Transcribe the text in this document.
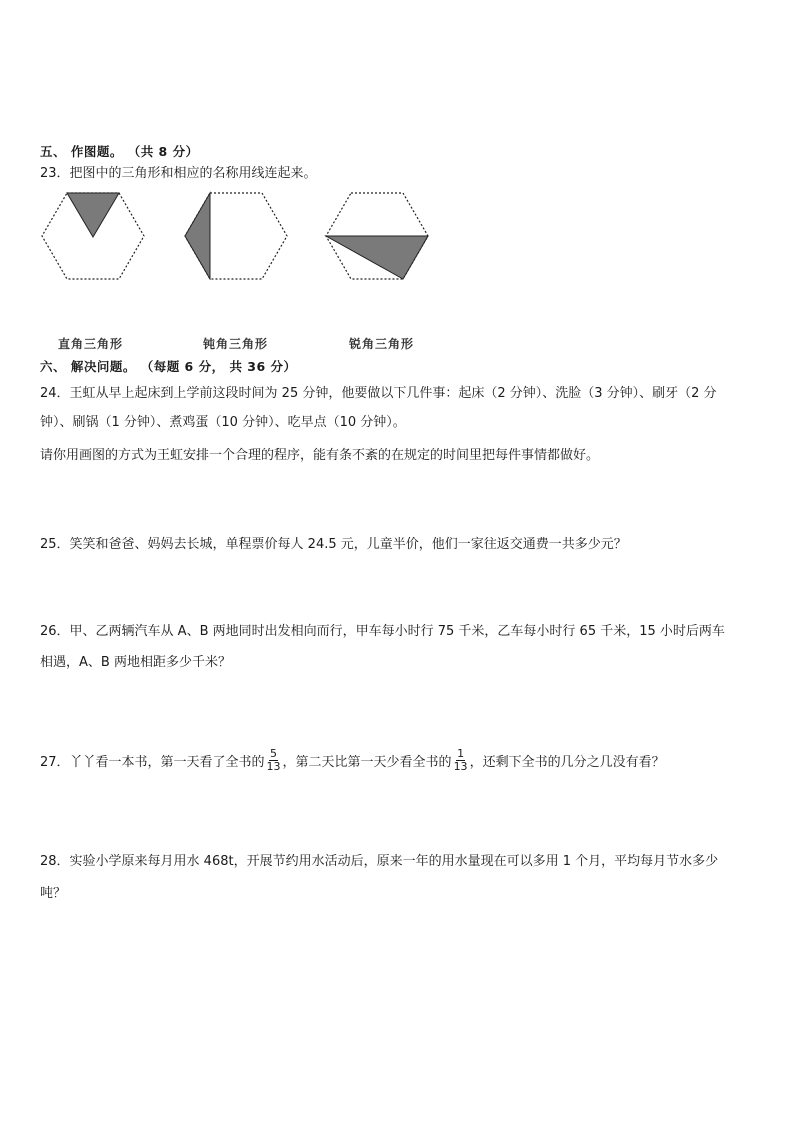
五、 作图题。 （共 8 分）
23．把图中的三角形和相应的名称用线连起来。
直角三角形	钝角三角形	锐角三角形
六、 解决问题。 （每题 6 分， 共 36 分）
24．王虹从早上起床到上学前这段时间为 25 分钟，他要做以下几件事：起床（2 分钟）、洗脸（3 分钟）、刷牙（2 分
钟）、刷锅（1 分钟）、煮鸡蛋（10 分钟）、吃早点（10 分钟）。
请你用画图的方式为王虹安排一个合理的程序，能有条不紊的在规定的时间里把每件事情都做好。
25．笑笑和爸爸、妈妈去长城，单程票价每人 24.5 元，儿童半价，他们一家往返交通费一共多少元？
26．甲、乙两辆汽车从 A、B 两地同时出发相向而行，甲车每小时行 75 千米，乙车每小时行 65 千米，15 小时后两车
相遇，A、B 两地相距多少千米？
27．丫丫看一本书，第一天看了全书的 $\frac{5}{13}$ ，第二天比第一天少看全书的 $\frac{1}{13}$ ，还剩下全书的几分之几没有看？
28．实验小学原来每月用水 468t，开展节约用水活动后，原来一年的用水量现在可以多用 1 个月，平均每月节水多少
吨？
